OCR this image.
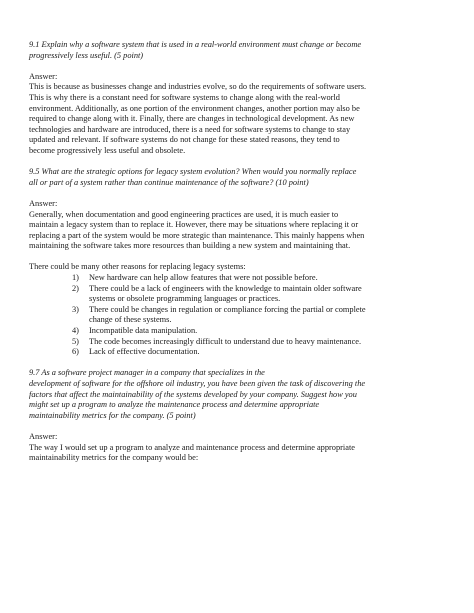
9.1 Explain why a software system that is used in a real-world environment must change or become
progressively less useful. (5 point)

Answer:

This is because as businesses change and industries evolve, so do the requirements of software users.
This is why there is a constant need for software systems to change along with the real-world
environment. Additionally, as one portion of the environment changes, another portion may also be
required to change along with it. Finally, there are changes in technological development. As new
technologies and hardware are introduced, there is a need for software systems to change to stay
updated and relevant. If software systems do not change for these stated reasons, they tend to
become progressively less useful and obsolete.

9.5 What are the strategic options for legacy system evolution? When would you normally replace
all or part of a system rather than continue maintenance of the software? (10 point)

Answer:

Generally, when documentation and good engineering practices are used, it is much easier to
maintain a legacy system than to replace it. However, there may be situations where replacing it or
replacing a part of the system would be more strategic than maintenance. This mainly happens when
maintaining the software takes more resources than building a new system and maintaining that.

There could be many other reasons for replacing legacy systems:

1) New hardware can help allow features that were not possible before.
2) There could be a lack of engineers with the knowledge to maintain older software
systems or obsolete programming languages or practices.
3) There could be changes in regulation or compliance forcing the partial or complete
change of these systems.
4) Incompatible data manipulation.
5) The code becomes increasingly difficult to understand due to heavy maintenance.
6) Lack of effective documentation.
9.7 As a software project manager in a company that specializes in the
development of software for the offshore oil industry, you have been given the task of discovering the
factors that affect the maintainability of the systems developed by your company. Suggest how you
might set up a program to analyze the maintenance process and determine appropriate
maintainability metrics for the company. (5 point)

Answer:

The way I would set up a program to analyze and maintenance process and determine appropriate
maintainability metrics for the company would be:
